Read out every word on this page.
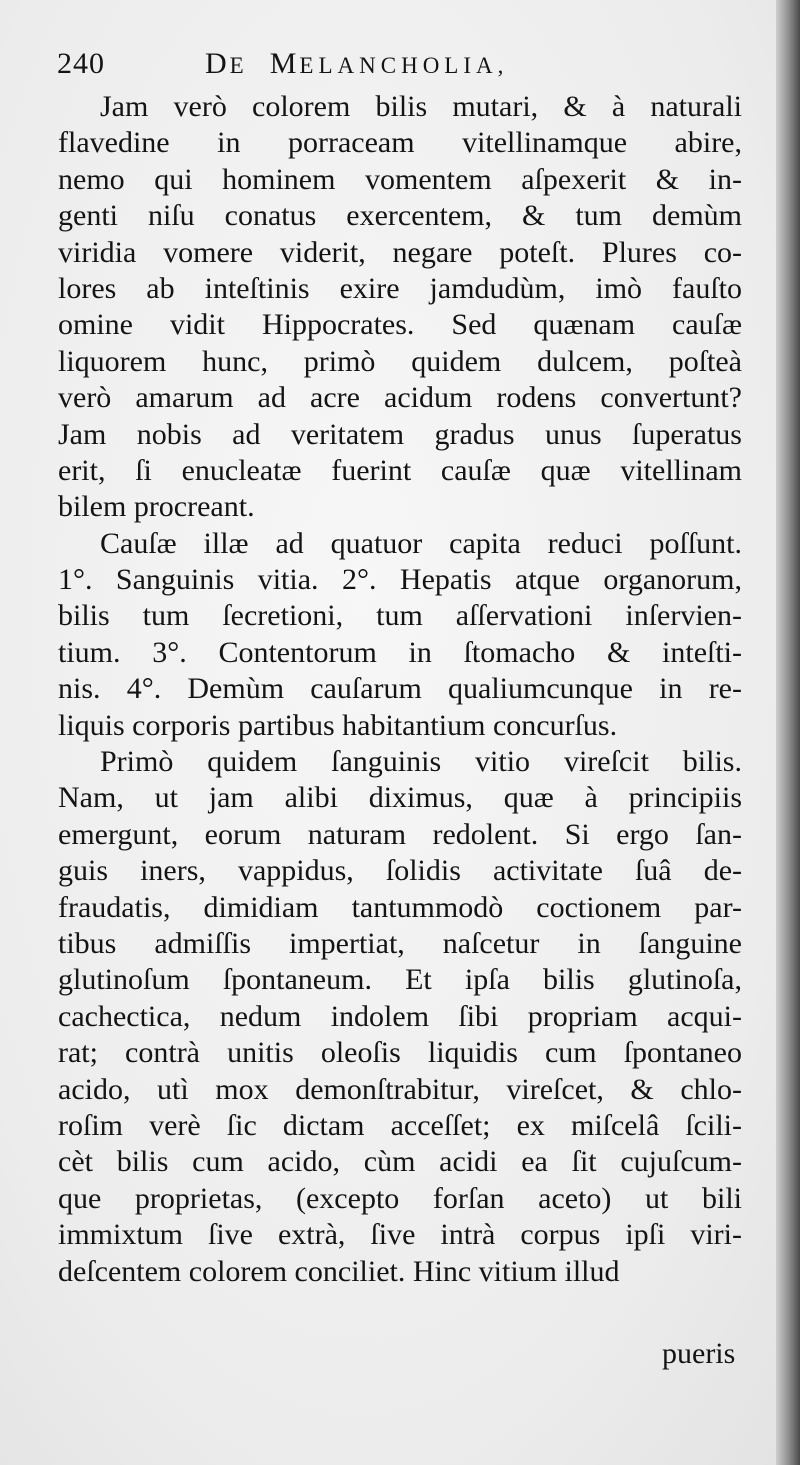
240	DE MELANCHOLIA,
Jam verò colorem bilis mutari, & à naturali
flavedine in porraceam vitellinamque abire,
nemo qui hominem vomentem aſpexerit & in-
genti niſu conatus exercentem, & tum demùm
viridia vomere viderit, negare poteſt. Plures co-
lores ab inteſtinis exire jamdudùm, imò fauſto
omine vidit Hippocrates. Sed quænam cauſæ
liquorem hunc, primò quidem dulcem, poſteà
verò amarum ad acre acidum rodens convertunt?
Jam nobis ad veritatem gradus unus ſuperatus
erit, ſi enucleatæ fuerint cauſæ quæ vitellinam
bilem procreant.
Cauſæ illæ ad quatuor capita reduci poſſunt.
1°. Sanguinis vitia. 2°. Hepatis atque organorum,
bilis tum ſecretioni, tum aſſervationi inſervien-
tium. 3°. Contentorum in ſtomacho & inteſti-
nis. 4°. Demùm cauſarum qualiumcunque in re-
liquis corporis partibus habitantium concurſus.
Primò quidem ſanguinis vitio vireſcit bilis.
Nam, ut jam alibi diximus, quæ à principiis
emergunt, eorum naturam redolent. Si ergo ſan-
guis iners, vappidus, ſolidis activitate ſuâ de-
fraudatis, dimidiam tantummodò coctionem par-
tibus admiſſis impertiat, naſcetur in ſanguine
glutinoſum ſpontaneum. Et ipſa bilis glutinoſa,
cachectica, nedum indolem ſibi propriam acqui-
rat; contrà unitis oleoſis liquidis cum ſpontaneo
acido, utì mox demonſtrabitur, vireſcet, & chlo-
roſim verè ſic dictam acceſſet; ex miſcelâ ſcili-
cèt bilis cum acido, cùm acidi ea ſit cujuſcum-
que proprietas, (excepto forſan aceto) ut bili
immixtum ſive extrà, ſive intrà corpus ipſi viri-
deſcentem colorem conciliet. Hinc vitium illud
pueris
